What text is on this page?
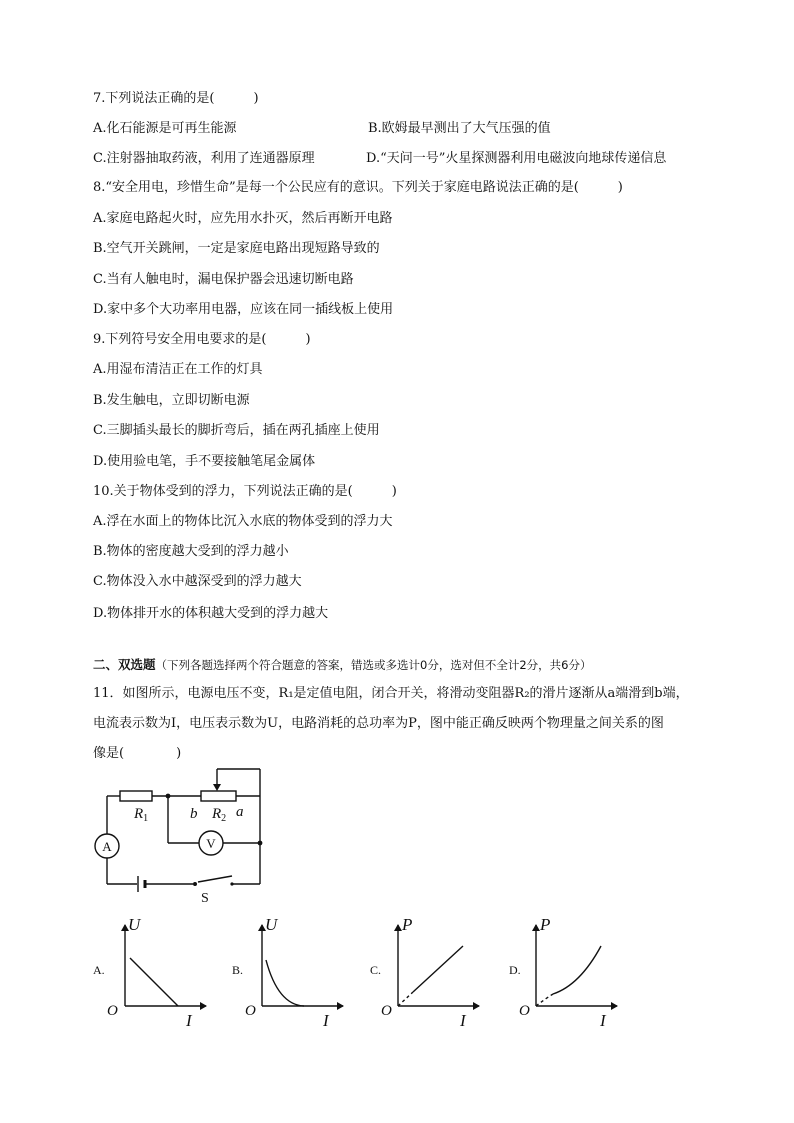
7.下列说法正确的是(　　　)
A.化石能源是可再生能源	B.欧姆最早测出了大气压强的值
C.注射器抽取药液，利用了连通器原理	D.“天问一号”火星探测器利用电磁波向地球传递信息
8.“安全用电，珍惜生命”是每一个公民应有的意识。下列关于家庭电路说法正确的是(　　　)
A.家庭电路起火时，应先用水扑灭，然后再断开电路
B.空气开关跳闸，一定是家庭电路出现短路导致的
C.当有人触电时，漏电保护器会迅速切断电路
D.家中多个大功率用电器，应该在同一插线板上使用
9.下列符号安全用电要求的是(　　　)
A.用湿布清洁正在工作的灯具
B.发生触电，立即切断电源
C.三脚插头最长的脚折弯后，插在两孔插座上使用
D.使用验电笔，手不要接触笔尾金属体
10.关于物体受到的浮力，下列说法正确的是(　　　)
A.浮在水面上的物体比沉入水底的物体受到的浮力大
B.物体的密度越大受到的浮力越小
C.物体没入水中越深受到的浮力越大
D.物体排开水的体积越大受到的浮力越大
二、双选题（下列各题选择两个符合题意的答案，错选或多选计0分，选对但不全计2分，共6分）
11．如图所示，电源电压不变，R₁是定值电阻，闭合开关，将滑动变阻器R₂的滑片逐渐从a端滑到b端，
电流表示数为I，电压表示数为U，电路消耗的总功率为P，图中能正确反映两个物理量之间关系的图
像是(　　　　)
$R_1$	b $R_2$ a
A	V
S
A.
U
I
O
B.
U
I
O
C.
P
I
O
D.
P
I
O
